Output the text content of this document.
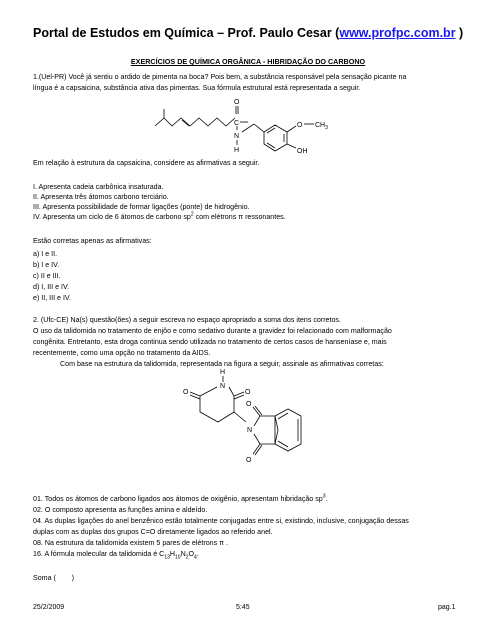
Portal de Estudos em Química – Prof. Paulo Cesar (www.profpc.com.br )
EXERCÍCIOS DE QUÍMICA ORGÂNICA - HIBRIDAÇÃO DO CARBONO
1.(Uel-PR) Você já sentiu o ardido de pimenta na boca? Pois bem, a substância responsável pela sensação picante na
língua é a capsaicina, substância ativa das pimentas. Sua fórmula estrutural está representada a seguir.
O
C
N
H
O $CH_3$
OH
Em relação à estrutura da capsaicina, considere as afirmativas a seguir.
I. Apresenta cadeia carbônica insaturada.
II. Apresenta três átomos carbono terciário.
III. Apresenta possibilidade de formar ligações (ponte) de hidrogênio.
IV. Apresenta um ciclo de 6 átomos de carbono $sp^2$ com elétrons π ressonantes.
Estão corretas apenas as afirmativas:
a) I e II.
b) I e IV.
c) II e III.
d) I, III e IV.
e) II, III e IV.
2. (Ufc-CE) Na(s) questão(ões) a seguir escreva no espaço apropriado a soma dos itens corretos.
O uso da talidomida no tratamento de enjôo e como sedativo durante a gravidez foi relacionado com malformação
congênita. Entretanto, esta droga continua sendo utilizada no tratamento de certos casos de hanseníase e, mais
recentemente, como uma opção no tratamento da AIDS.
Com base na estrutura da talidomida, representada na figura a seguir, assinale as afirmativas corretas:
H
N
O	O
N
O
O
01. Todos os átomos de carbono ligados aos átomos de oxigênio, apresentam hibridação $sp^3$.
02. O composto apresenta as funções amina e aldeído.
04. As duplas ligações do anel benzênico estão totalmente conjugadas entre si, existindo, inclusive, conjugação dessas
duplas com as duplas dos grupos C=O diretamente ligados ao referido anel.
08. Na estrutura da talidomida existem 5 pares de elétrons π .
16. A fórmula molecular da talidomida é $C_{13}H_{10}N_2O_4$.
Soma (        )
25/2/2009	5:45	pag.1
